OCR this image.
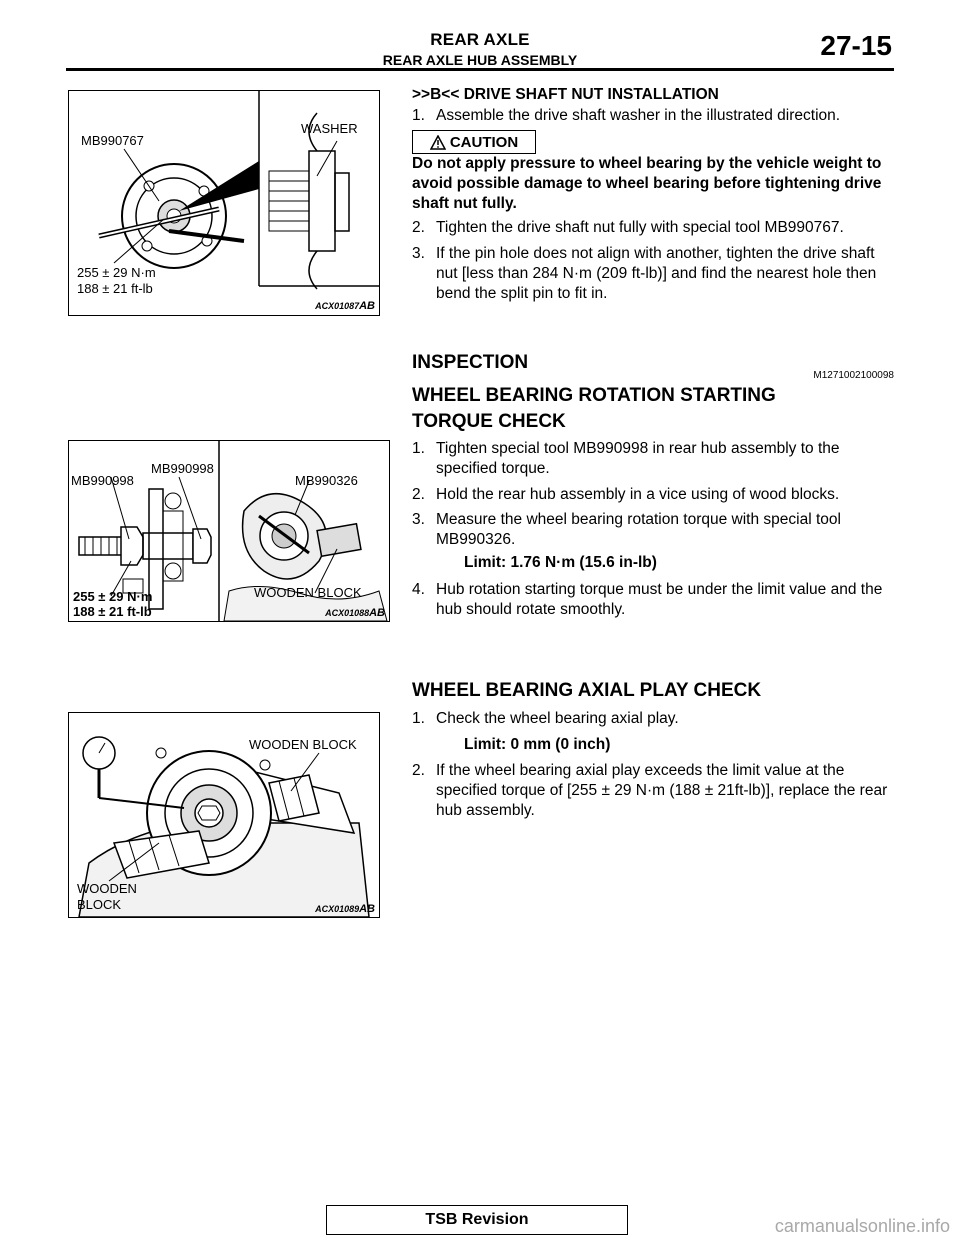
REAR AXLE
REAR AXLE HUB ASSEMBLY	27-15
MB990767
WASHER
255 ± 29 N·m
188 ± 21 ft-lb
ACX01087AB
>>B<< DRIVE SHAFT NUT INSTALLATION
1. Assemble the drive shaft washer in the illustrated direction.
CAUTION
Do not apply pressure to wheel bearing by the vehicle weight to avoid possible damage to wheel bearing before tightening drive shaft nut fully.
2. Tighten the drive shaft nut fully with special tool MB990767.
3. If the pin hole does not align with another, tighten the drive shaft nut [less than 284 N·m (209 ft-lb)] and find the nearest hole then bend the split pin to fit in.
INSPECTION
M1271002100098
WHEEL BEARING ROTATION STARTING
TORQUE CHECK
1. Tighten special tool MB990998 in rear hub assembly to the specified torque.
2. Hold the rear hub assembly in a vice using of wood blocks.
3. Measure the wheel bearing rotation torque with special tool MB990326.
Limit: 1.76 N·m (15.6 in-lb)
4. Hub rotation starting torque must be under the limit value and the hub should rotate smoothly.
MB990998
MB990998
MB990326
WOODEN BLOCK
255 ± 29 N·m
188 ± 21 ft-lb	ACX01088AB
WHEEL BEARING AXIAL PLAY CHECK
1. Check the wheel bearing axial play.
Limit: 0 mm (0 inch)
2. If the wheel bearing axial play exceeds the limit value at the specified torque of [255 ± 29 N·m (188 ± 21ft-lb)], replace the rear hub assembly.
WOODEN BLOCK
WOODEN
BLOCK	ACX01089AB
TSB Revision	carmanualsonline.info
